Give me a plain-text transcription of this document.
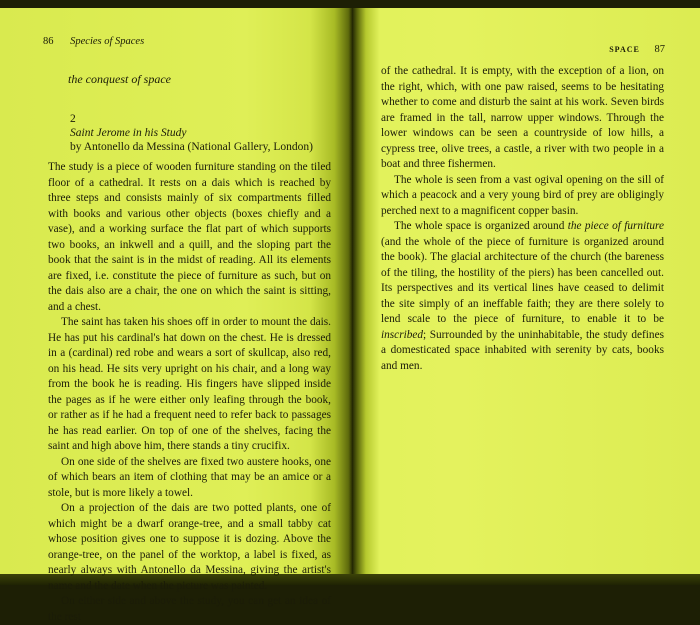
86 Species of Spaces
the conquest of space
2
Saint Jerome in his Study
by Antonello da Messina (National Gallery, London)

The study is a piece of wooden furniture standing on the tiled floor of a cathedral. It rests on a dais which is reached by three steps and consists mainly of six compartments filled with books and various other objects (boxes chiefly and a vase), and a working surface the flat part of which supports two books, an inkwell and a quill, and the sloping part the book that the saint is in the midst of reading. All its elements are fixed, i.e. constitute the piece of furniture as such, but on the dais also are a chair, the one on which the saint is sitting, and a chest.

The saint has taken his shoes off in order to mount the dais. He has put his cardinal's hat down on the chest. He is dressed in a (cardinal) red robe and wears a sort of skullcap, also red, on his head. He sits very upright on his chair, and a long way from the book he is reading. His fingers have slipped inside the pages as if he were either only leafing through the book, or rather as if he had a frequent need to refer back to passages he has read earlier. On top of one of the shelves, facing the saint and high above him, there stands a tiny crucifix.

On one side of the shelves are fixed two austere hooks, one of which bears an item of clothing that may be an amice or a stole, but is more likely a towel.

On a projection of the dais are two potted plants, one of which might be a dwarf orange-tree, and a small tabby cat whose position gives one to suppose it is dozing. Above the orange-tree, on the panel of the worktop, a label is fixed, as nearly always with Antonello da Messina, giving the artist's name and the date when the picture was painted.

On either side and above the study, you can get an idea of the rest

SPACE 87

of the cathedral. It is empty, with the exception of a lion, on the right, which, with one paw raised, seems to be hesitating whether to come and disturb the saint at his work. Seven birds are framed in the tall, narrow upper windows. Through the lower windows can be seen a countryside of low hills, a cypress tree, olive trees, a castle, a river with two people in a boat and three fishermen.

The whole is seen from a vast ogival opening on the sill of which a peacock and a very young bird of prey are obligingly perched next to a magnificent copper basin.

The whole space is organized around the piece of furniture (and the whole of the piece of furniture is organized around the book). The glacial architecture of the church (the bareness of the tiling, the hostility of the piers) has been cancelled out. Its perspectives and its vertical lines have ceased to delimit the site simply of an ineffable faith; they are there solely to lend scale to the piece of furniture, to enable it to be inscribed; Surrounded by the uninhabitable, the study defines a domesticated space inhabited with serenity by cats, books and men.
